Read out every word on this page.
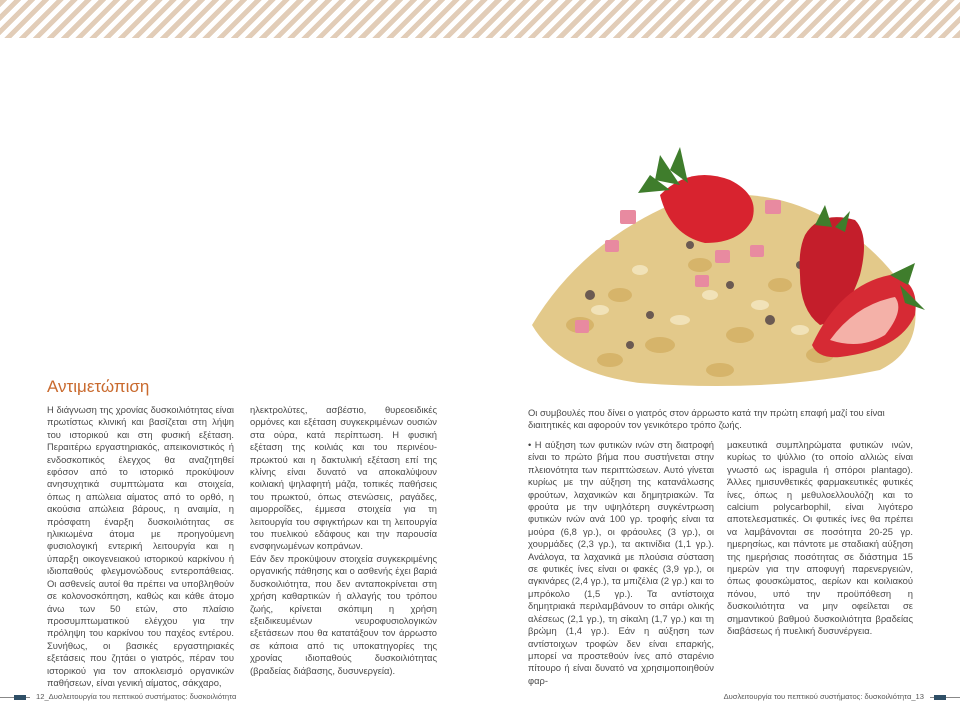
Αντιμετώπιση

Η διάγνωση της χρονίας δυσκοιλιότητας είναι πρωτίστως κλινική και βασίζεται στη λήψη του ιστορικού και στη φυσική εξέταση. Περαιτέρω εργαστηριακός, απεικονιστικός ή ενδοσκοπικός έλεγχος θα αναζητηθεί εφόσον από το ιστορικό προκύψουν ανησυχητικά συμπτώματα και στοιχεία, όπως η απώλεια αίματος από το ορθό, η ακούσια απώλεια βάρους, η αναιμία, η πρόσφατη έναρξη δυσκοιλιότητας σε ηλικιωμένα άτομα με προηγούμενη φυσιολογική εντερική λειτουργία και η ύπαρξη οικογενειακού ιστορικού καρκίνου ή ιδιοπαθούς φλεγμονώδους εντεροπάθειας. Οι ασθενείς αυτοί θα πρέπει να υποβληθούν σε κολονοσκόπηση, καθώς και κάθε άτομο άνω των 50 ετών, στο πλαίσιο προσυμπτωματικού ελέγχου για την πρόληψη του καρκίνου του παχέος εντέρου. Συνήθως, οι βασικές εργαστηριακές εξετάσεις που ζητάει ο γιατρός, πέραν του ιστορικού για τον αποκλεισμό οργανικών παθήσεων, είναι γενική αίματος, σάκχαρο,

ηλεκτρολύτες, ασβέστιο, θυρεοειδικές ορμόνες και εξέταση συγκεκριμένων ουσιών στα ούρα, κατά περίπτωση. Η φυσική εξέταση της κοιλιάς και του περινέου-πρωκτού και η δακτυλική εξέταση επί της κλίνης είναι δυνατό να αποκαλύψουν κοιλιακή ψηλαφητή μάζα, τοπικές παθήσεις του πρωκτού, όπως στενώσεις, ραγάδες, αιμορροΐδες, έμμεσα στοιχεία για τη λειτουργία του σφιγκτήρων και τη λειτουργία του πυελικού εδάφους και την παρουσία ενσφηνωμένων κοπράνων.

Εάν δεν προκύψουν στοιχεία συγκεκριμένης οργανικής πάθησης και ο ασθενής έχει βαριά δυσκοιλιότητα, που δεν ανταποκρίνεται στη χρήση καθαρτικών ή αλλαγής του τρόπου ζωής, κρίνεται σκόπιμη η χρήση εξειδικευμένων νευροφυσιολογικών εξετάσεων που θα κατατάξουν τον άρρωστο σε κάποια από τις υποκατηγορίες της χρονίας ιδιοπαθούς δυσκοιλιότητας (βραδείας διάβασης, δυσυνεργεία).

Οι συμβουλές που δίνει ο γιατρός στον άρρωστο κατά την πρώτη επαφή μαζί του είναι διαιτητικές και αφορούν τον γενικότερο τρόπο ζωής.

• Η αύξηση των φυτικών ινών στη διατροφή είναι το πρώτο βήμα που συστήνεται στην πλειονότητα των περιπτώσεων. Αυτό γίνεται κυρίως με την αύξηση της κατανάλωσης φρούτων, λαχανικών και δημητριακών. Τα φρούτα με την υψηλότερη συγκέντρωση φυτικών ινών ανά 100 γρ. τροφής είναι τα μούρα (6,8 γρ.), οι φράουλες (3 γρ.), οι χουρμάδες (2,3 γρ.), τα ακτινίδια (1,1 γρ.). Ανάλογα, τα λαχανικά με πλούσια σύσταση σε φυτικές ίνες είναι οι φακές (3,9 γρ.), οι αγκινάρες (2,4 γρ.), τα μπιζέλια (2 γρ.) και το μπρόκολο (1,5 γρ.). Τα αντίστοιχα δημητριακά περιλαμβάνουν το σιτάρι ολικής αλέσεως (2,1 γρ.), τη σίκαλη (1,7 γρ.) και τη βρώμη (1,4 γρ.). Εάν η αύξηση των αντίστοιχων τροφών δεν είναι επαρκής, μπορεί να προστεθούν ίνες από σταρένιο πίτουρο ή είναι δυνατό να χρησιμοποιηθούν φαρ-

μακευτικά συμπληρώματα φυτικών ινών, κυρίως το ψύλλιο (το οποίο αλλιώς είναι γνωστό ως ispagula ή σπόροι plantago). Άλλες ημισυνθετικές φαρμακευτικές φυτικές ίνες, όπως η μεθυλοελλουλόζη και το calcium polycarbophil, είναι λιγότερο αποτελεσματικές. Οι φυτικές ίνες θα πρέπει να λαμβάνονται σε ποσότητα 20-25 γρ. ημερησίως, και πάντοτε με σταδιακή αύξηση της ημερήσιας ποσότητας σε διάστημα 15 ημερών για την αποφυγή παρενεργειών, όπως φουσκώματος, αερίων και κοιλιακού πόνου, υπό την προϋπόθεση η δυσκοιλιότητα να μην οφείλεται σε σημαντικού βαθμού δυσκοιλιότητα βραδείας διαβάσεως ή πυελική δυσυνέργεια.

12_Δυσλειτουργία του πεπτικού συστήματος: δυσκοιλιότητα	Δυσλειτουργία του πεπτικού συστήματος: δυσκοιλιότητα_13
